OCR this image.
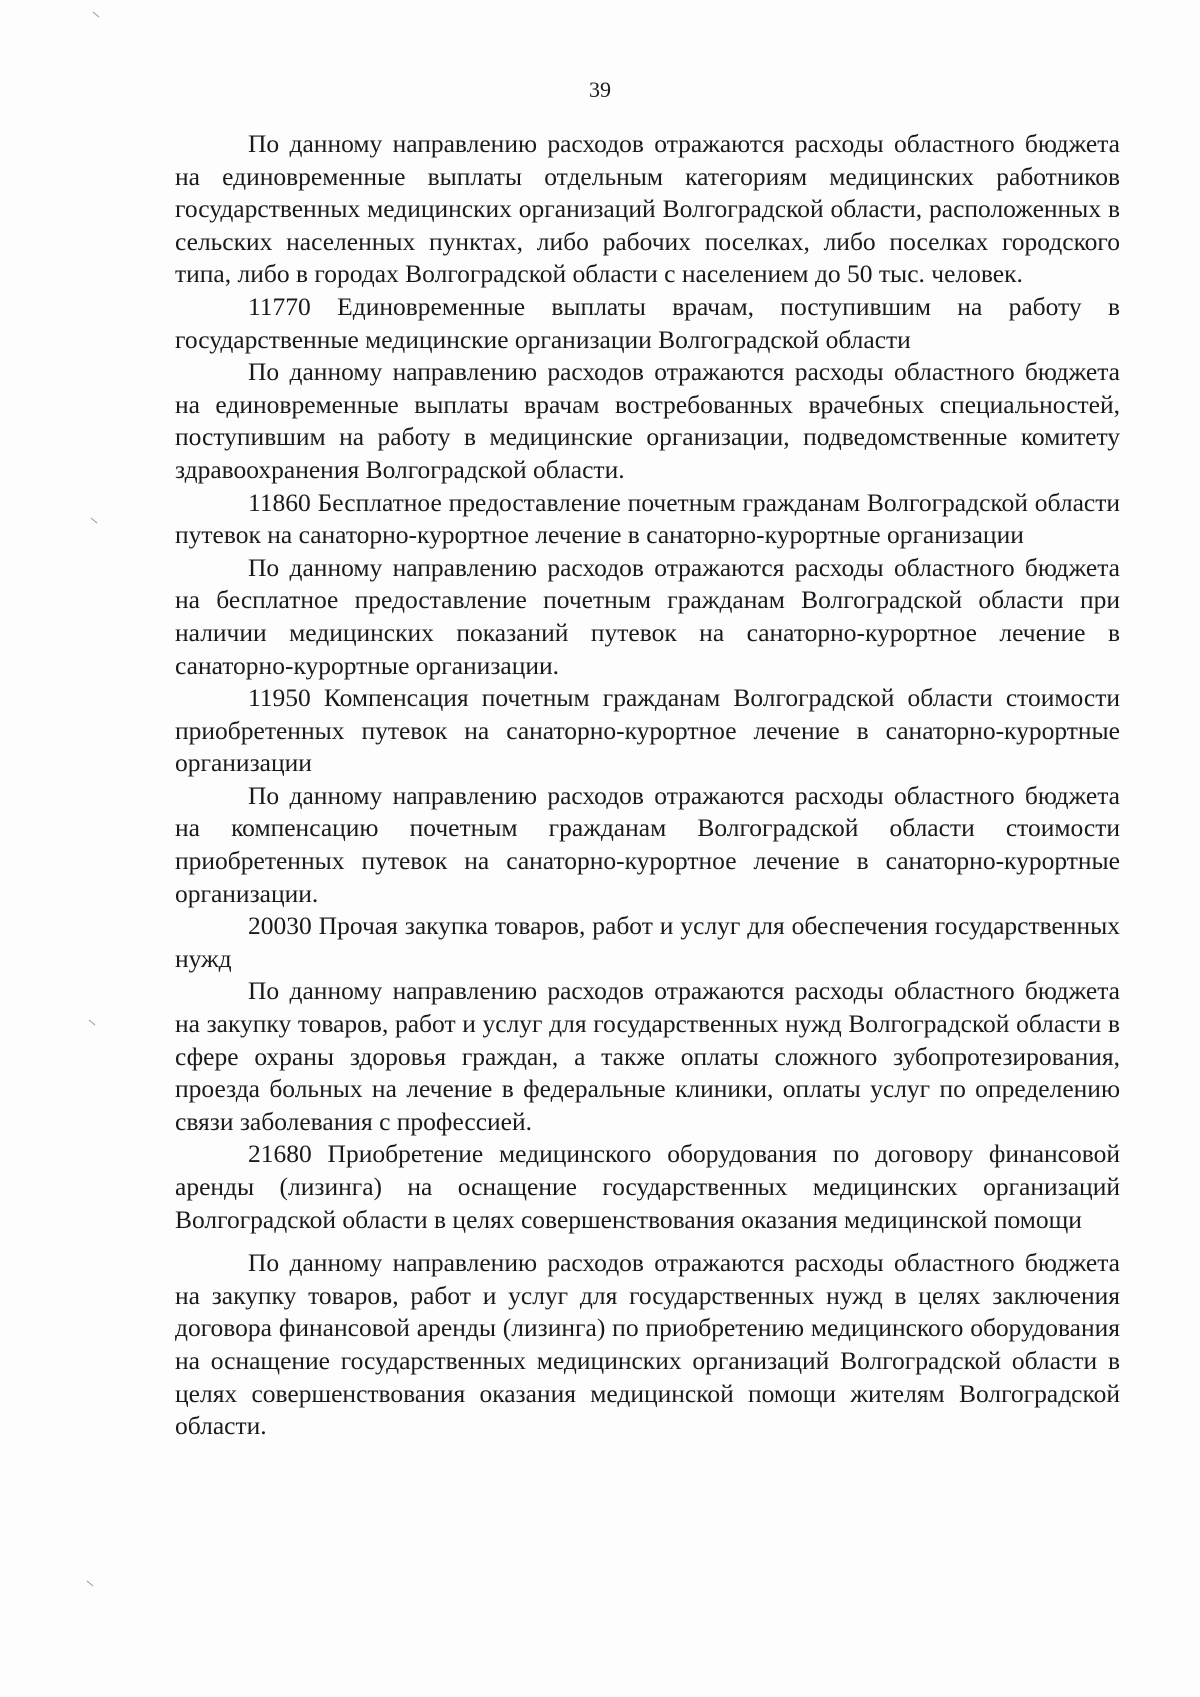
39

По данному направлению расходов отражаются расходы областного бюджета на единовременные выплаты отдельным категориям медицинских работников государственных медицинских организаций Волгоградской области, расположенных в сельских населенных пунктах, либо рабочих поселках, либо поселках городского типа, либо в городах Волгоградской области с населением до 50 тыс. человек.

11770 Единовременные выплаты врачам, поступившим на работу в государственные медицинские организации Волгоградской области

По данному направлению расходов отражаются расходы областного бюджета на единовременные выплаты врачам востребованных врачебных специальностей, поступившим на работу в медицинские организации, подведомственные комитету здравоохранения Волгоградской области.

11860 Бесплатное предоставление почетным гражданам Волгоградской области путевок на санаторно-курортное лечение в санаторно-курортные организации

По данному направлению расходов отражаются расходы областного бюджета на бесплатное предоставление почетным гражданам Волгоградской области при наличии медицинских показаний путевок на санаторно-курортное лечение в санаторно-курортные организации.

11950 Компенсация почетным гражданам Волгоградской области стоимости приобретенных путевок на санаторно-курортное лечение в санаторно-курортные организации

По данному направлению расходов отражаются расходы областного бюджета на компенсацию почетным гражданам Волгоградской области стоимости приобретенных путевок на санаторно-курортное лечение в санаторно-курортные организации.

20030 Прочая закупка товаров, работ и услуг для обеспечения государственных нужд

По данному направлению расходов отражаются расходы областного бюджета на закупку товаров, работ и услуг для государственных нужд Волгоградской области в сфере охраны здоровья граждан, а также оплаты сложного зубопротезирования, проезда больных на лечение в федеральные клиники, оплаты услуг по определению связи заболевания с профессией.

21680 Приобретение медицинского оборудования по договору финансовой аренды (лизинга) на оснащение государственных медицинских организаций Волгоградской области в целях совершенствования оказания медицинской помощи

По данному направлению расходов отражаются расходы областного бюджета на закупку товаров, работ и услуг для государственных нужд в целях заключения договора финансовой аренды (лизинга) по приобретению медицинского оборудования на оснащение государственных медицинских организаций Волгоградской области в целях совершенствования оказания медицинской помощи жителям Волгоградской области.
